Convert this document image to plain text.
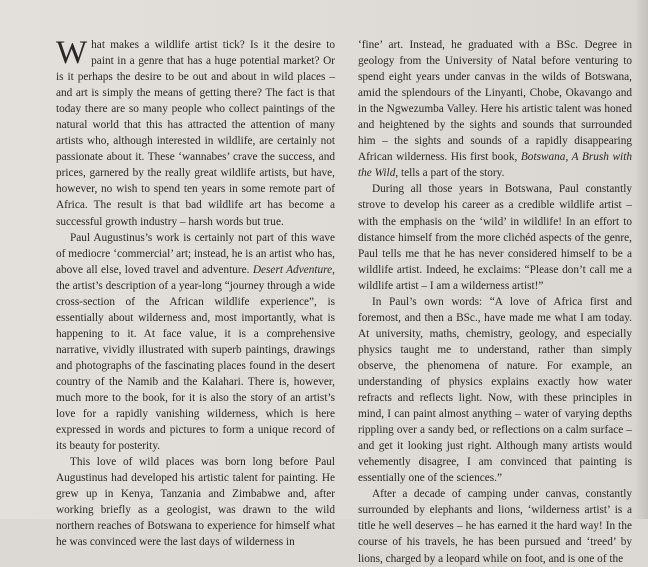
What makes a wildlife artist tick? Is it the desire to paint in a genre that has a huge potential market? Or is it perhaps the desire to be out and about in wild places – and art is simply the means of getting there? The fact is that today there are so many people who collect paintings of the natural world that this has attracted the attention of many artists who, although interested in wildlife, are certainly not passionate about it. These ‘wannabes’ crave the success, and prices, garnered by the really great wildlife artists, but have, however, no wish to spend ten years in some remote part of Africa. The result is that bad wildlife art has become a successful growth industry – harsh words but true.

Paul Augustinus’s work is certainly not part of this wave of mediocre ‘commercial’ art; instead, he is an artist who has, above all else, loved travel and adventure. Desert Adventure, the artist’s description of a year-long “journey through a wide cross-section of the African wildlife experience”, is essentially about wilderness and, most importantly, what is happening to it. At face value, it is a comprehensive narrative, vividly illustrated with superb paintings, drawings and photographs of the fascinating places found in the desert country of the Namib and the Kalahari. There is, however, much more to the book, for it is also the story of an artist’s love for a rapidly vanishing wilderness, which is here expressed in words and pictures to form a unique record of its beauty for posterity.

This love of wild places was born long before Paul Augustinus had developed his artistic talent for painting. He grew up in Kenya, Tanzania and Zimbabwe and, after working briefly as a geologist, was drawn to the wild northern reaches of Botswana to experience for himself what he was convinced were the last days of wilderness in

‘fine’ art. Instead, he graduated with a BSc. Degree in geology from the University of Natal before venturing to spend eight years under canvas in the wilds of Botswana, amid the splendours of the Linyanti, Chobe, Okavango and in the Ngwezumba Valley. Here his artistic talent was honed and heightened by the sights and sounds that surrounded him – the sights and sounds of a rapidly disappearing African wilderness. His first book, Botswana, A Brush with the Wild, tells a part of the story.

During all those years in Botswana, Paul constantly strove to develop his career as a credible wildlife artist – with the emphasis on the ‘wild’ in wildlife! In an effort to distance himself from the more clichéd aspects of the genre, Paul tells me that he has never considered himself to be a wildlife artist. Indeed, he exclaims: “Please don’t call me a wildlife artist – I am a wilderness artist!”

In Paul’s own words: “A love of Africa first and foremost, and then a BSc., have made me what I am today. At university, maths, chemistry, geology, and especially physics taught me to understand, rather than simply observe, the phenomena of nature. For example, an understanding of physics explains exactly how water refracts and reflects light. Now, with these principles in mind, I can paint almost anything – water of varying depths rippling over a sandy bed, or reflections on a calm surface – and get it looking just right. Although many artists would vehemently disagree, I am convinced that painting is essentially one of the sciences.”

After a decade of camping under canvas, constantly surrounded by elephants and lions, ‘wilderness artist’ is a title he well deserves – he has earned it the hard way! In the course of his travels, he has been pursued and ‘treed’ by lions, charged by a leopard while on foot, and is one of the
